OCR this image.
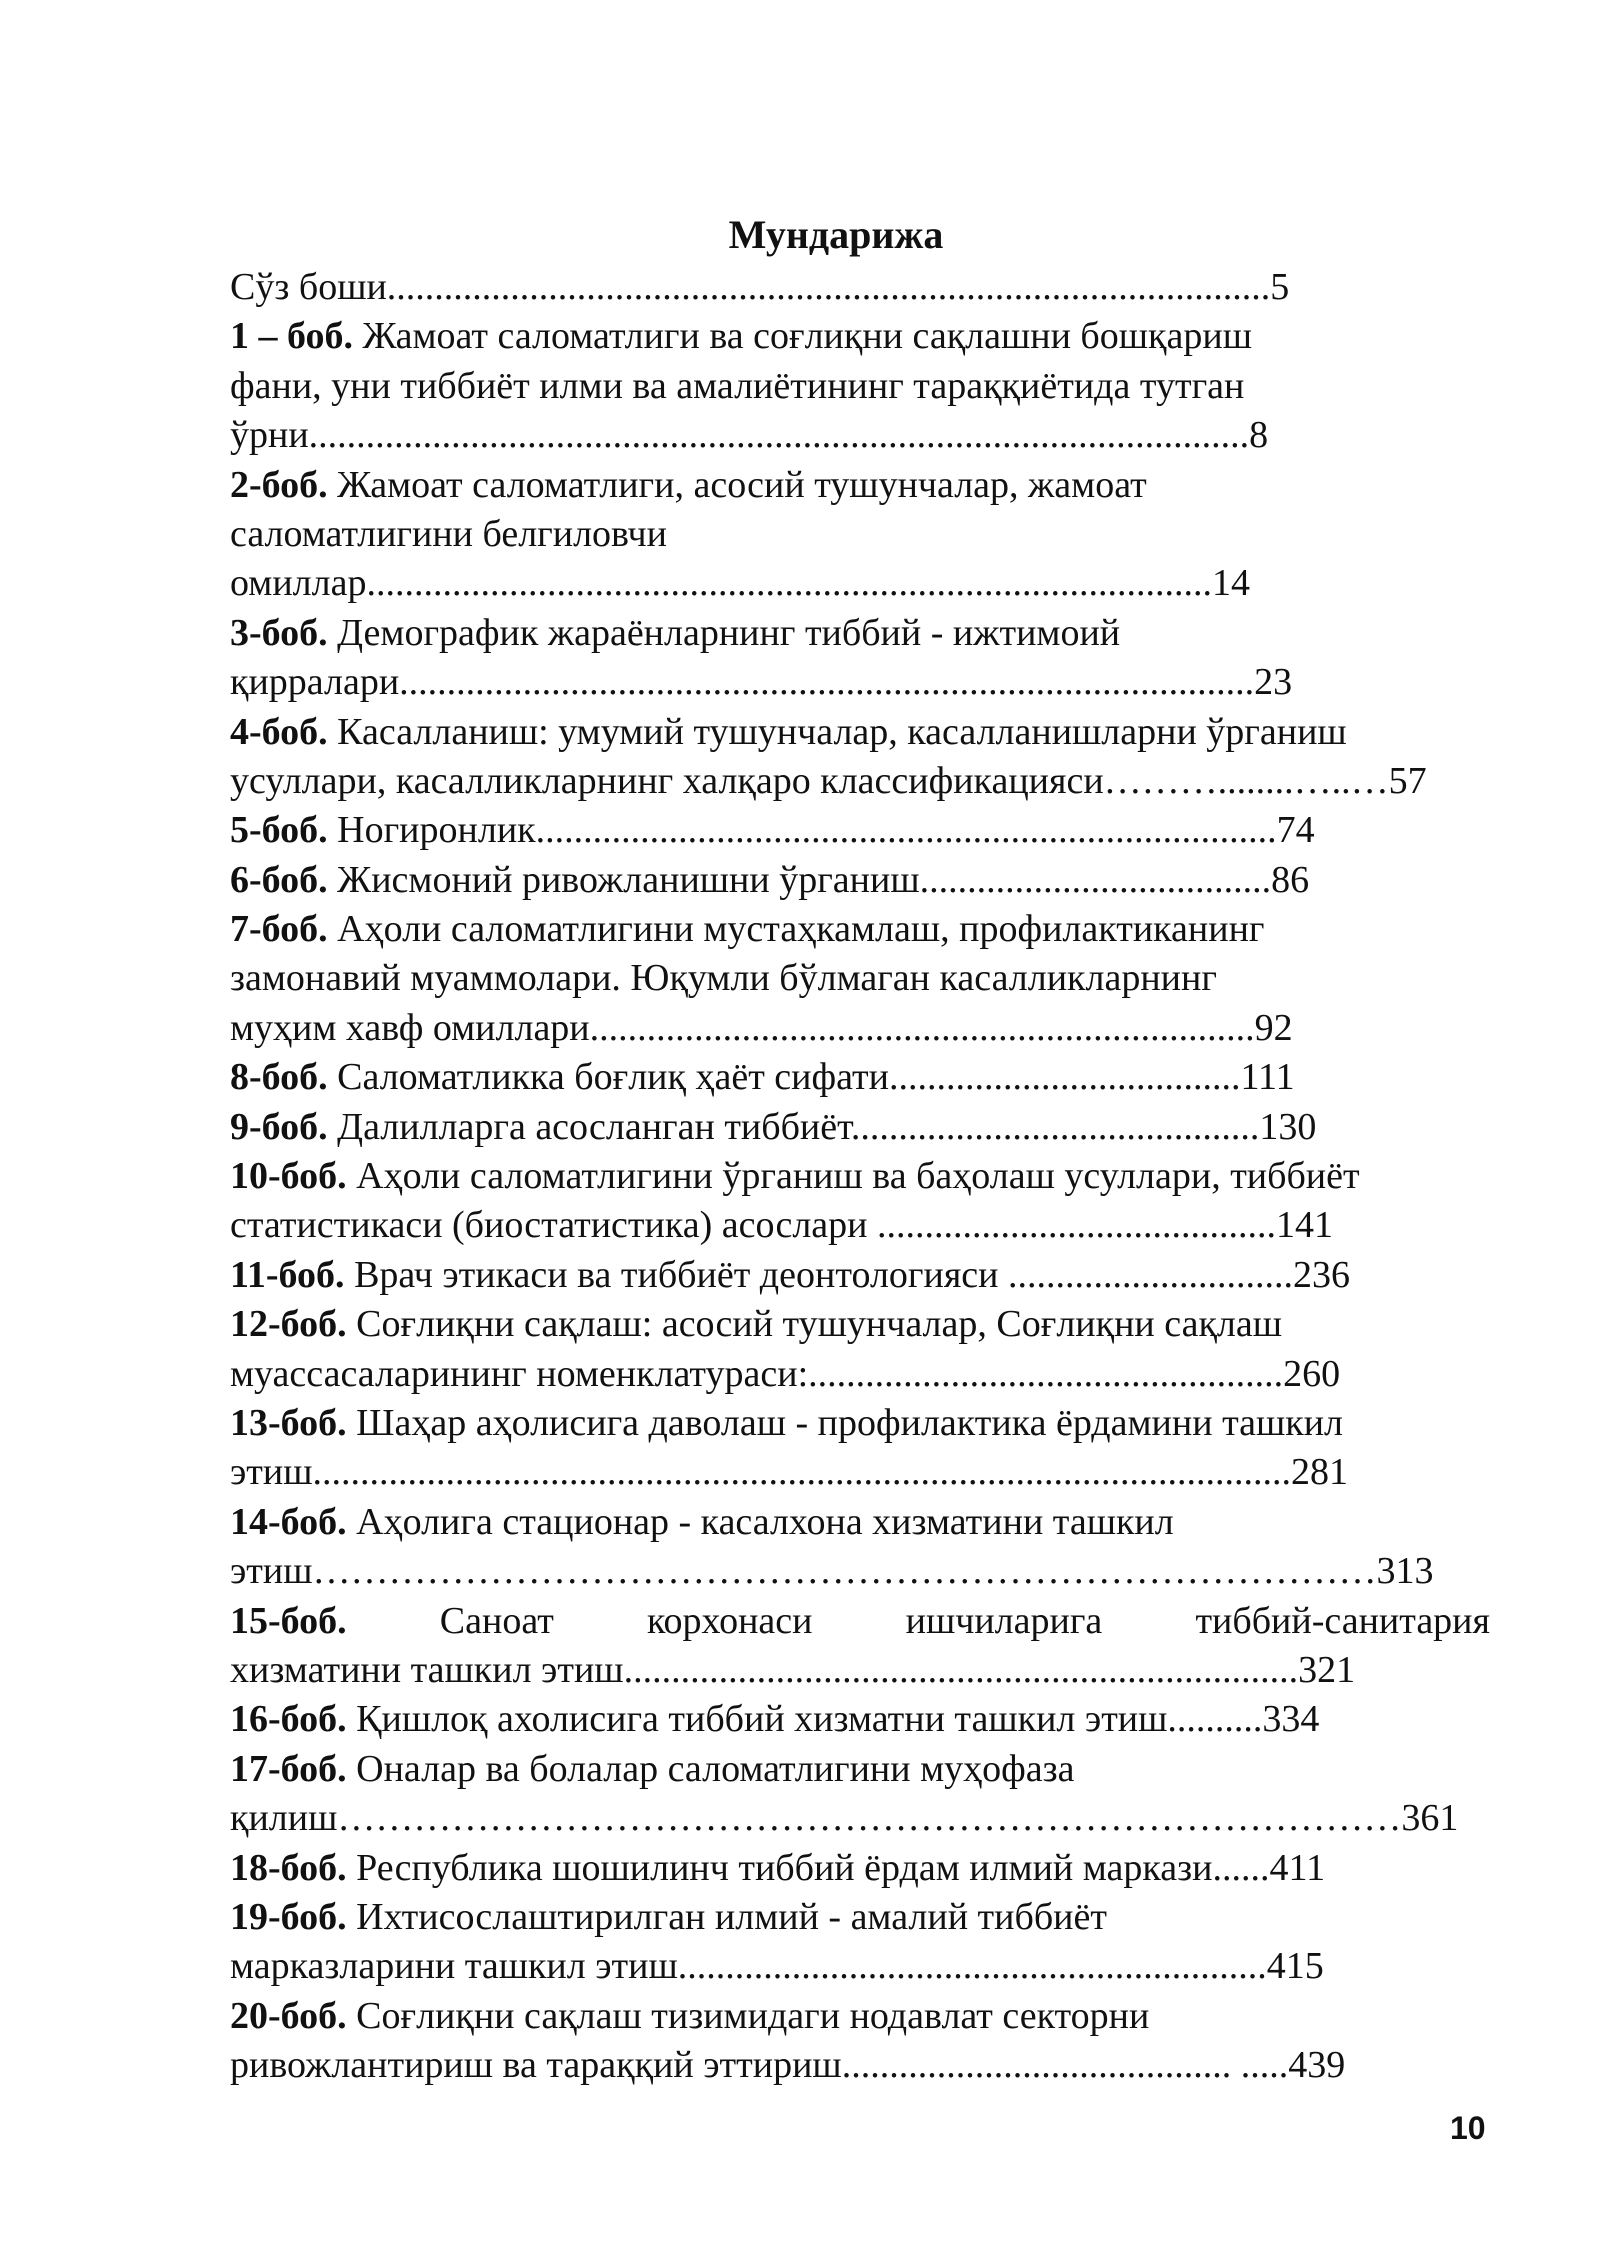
Мундарижа
Сўз боши.............................................................................................5
1 – боб. Жамоат саломатлиги ва соғлиқни сақлашни бошқариш
фани, уни тиббиёт илми ва амалиётининг тараққиётида тутган
ўрни...................................................................................................8
2-боб. Жамоат саломатлиги, асосий тушунчалар, жамоат
саломатлигини белгиловчи
омиллар.........................................................................................14
3-боб. Демографик жараёнларнинг тиббий - ижтимоий
қирралари..........................................................................................23
4-боб. Касалланиш: умумий тушунчалар, касалланишларни ўрганиш
усуллари, касалликларнинг халқаро классификацияси………........…..…57
5-боб. Ногиронлик..............................................................................74
6-боб. Жисмоний ривожланишни ўрганиш.....................................86
7-боб. Аҳоли саломатлигини мустаҳкамлаш, профилактиканинг
замонавий муаммолари. Юқумли бўлмаган касалликларнинг
муҳим хавф омиллари......................................................................92
8-боб. Саломатликка боғлиқ ҳаёт сифати.....................................111
9-боб. Далилларга асосланган тиббиёт...........................................130
10-боб. Аҳоли саломатлигини ўрганиш ва баҳолаш усуллари, тиббиёт
статистикаси (биостатистика) асослари ..........................................141
11-боб. Врач этикаси ва тиббиёт деонтологияси ..............................236
12-боб. Соғлиқни сақлаш: асосий тушунчалар, Соғлиқни сақлаш
муассасаларининг номенклатураси:..................................................260
13-боб. Шаҳар аҳолисига даволаш - профилактика ёрдамини ташкил
этиш.......................................................................................................281
14-боб. Аҳолига стационар - касалхона хизматини ташкил
этиш…………………………………………………………………………313
15-боб. Саноат корхонаси ишчиларига тиббий-санитария
хизматини ташкил этиш.......................................................................321
16-боб. Қишлоқ ахолисига тиббий хизматни ташкил этиш..........334
17-боб. Оналар ва болалар саломатлигини муҳофаза
қилиш…………………………………………………………………………361
18-боб. Республика шошилинч тиббий ёрдам илмий маркази......411
19-боб. Ихтисослаштирилган илмий - амалий тиббиёт
марказларини ташкил этиш..............................................................415
20-боб. Соғлиқни сақлаш тизимидаги нодавлат секторни
ривожлантириш ва тараққий эттириш......................................... .....439
10
